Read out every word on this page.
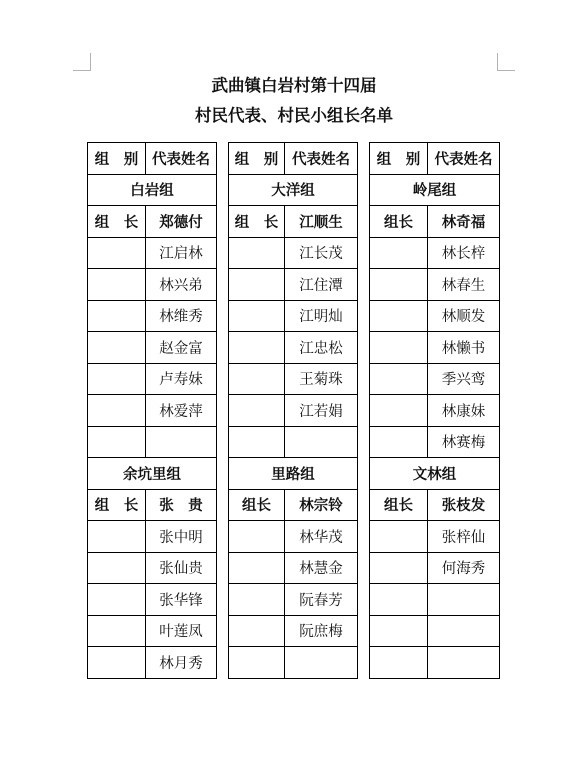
武曲镇白岩村第十四届
村民代表、村民小组长名单
组　别	代表姓名
白岩组	
组　长	郑德付
	江启林
	林兴弟
	林维秀
	赵金富
	卢寿妹
	林爱萍

余坑里组	
组　长	张　贵
	张中明
	张仙贵
	张华锋
	叶莲凤
	林月秀
组　别	代表姓名
大洋组	
组　长	江顺生
	江长茂
	江住潭
	江明灿
	江忠松
	王菊珠
	江若娟

里路组	
组长	林宗铃
	林华茂
	林慧金
	阮春芳
	阮庶梅

组　别	代表姓名
岭尾组	
组长	林奇福
	林长梓
	林春生
	林顺发
	林懒书
	季兴鸾
	林康妹
	林赛梅
文林组	
组长	张枝发
	张梓仙
	何海秀
